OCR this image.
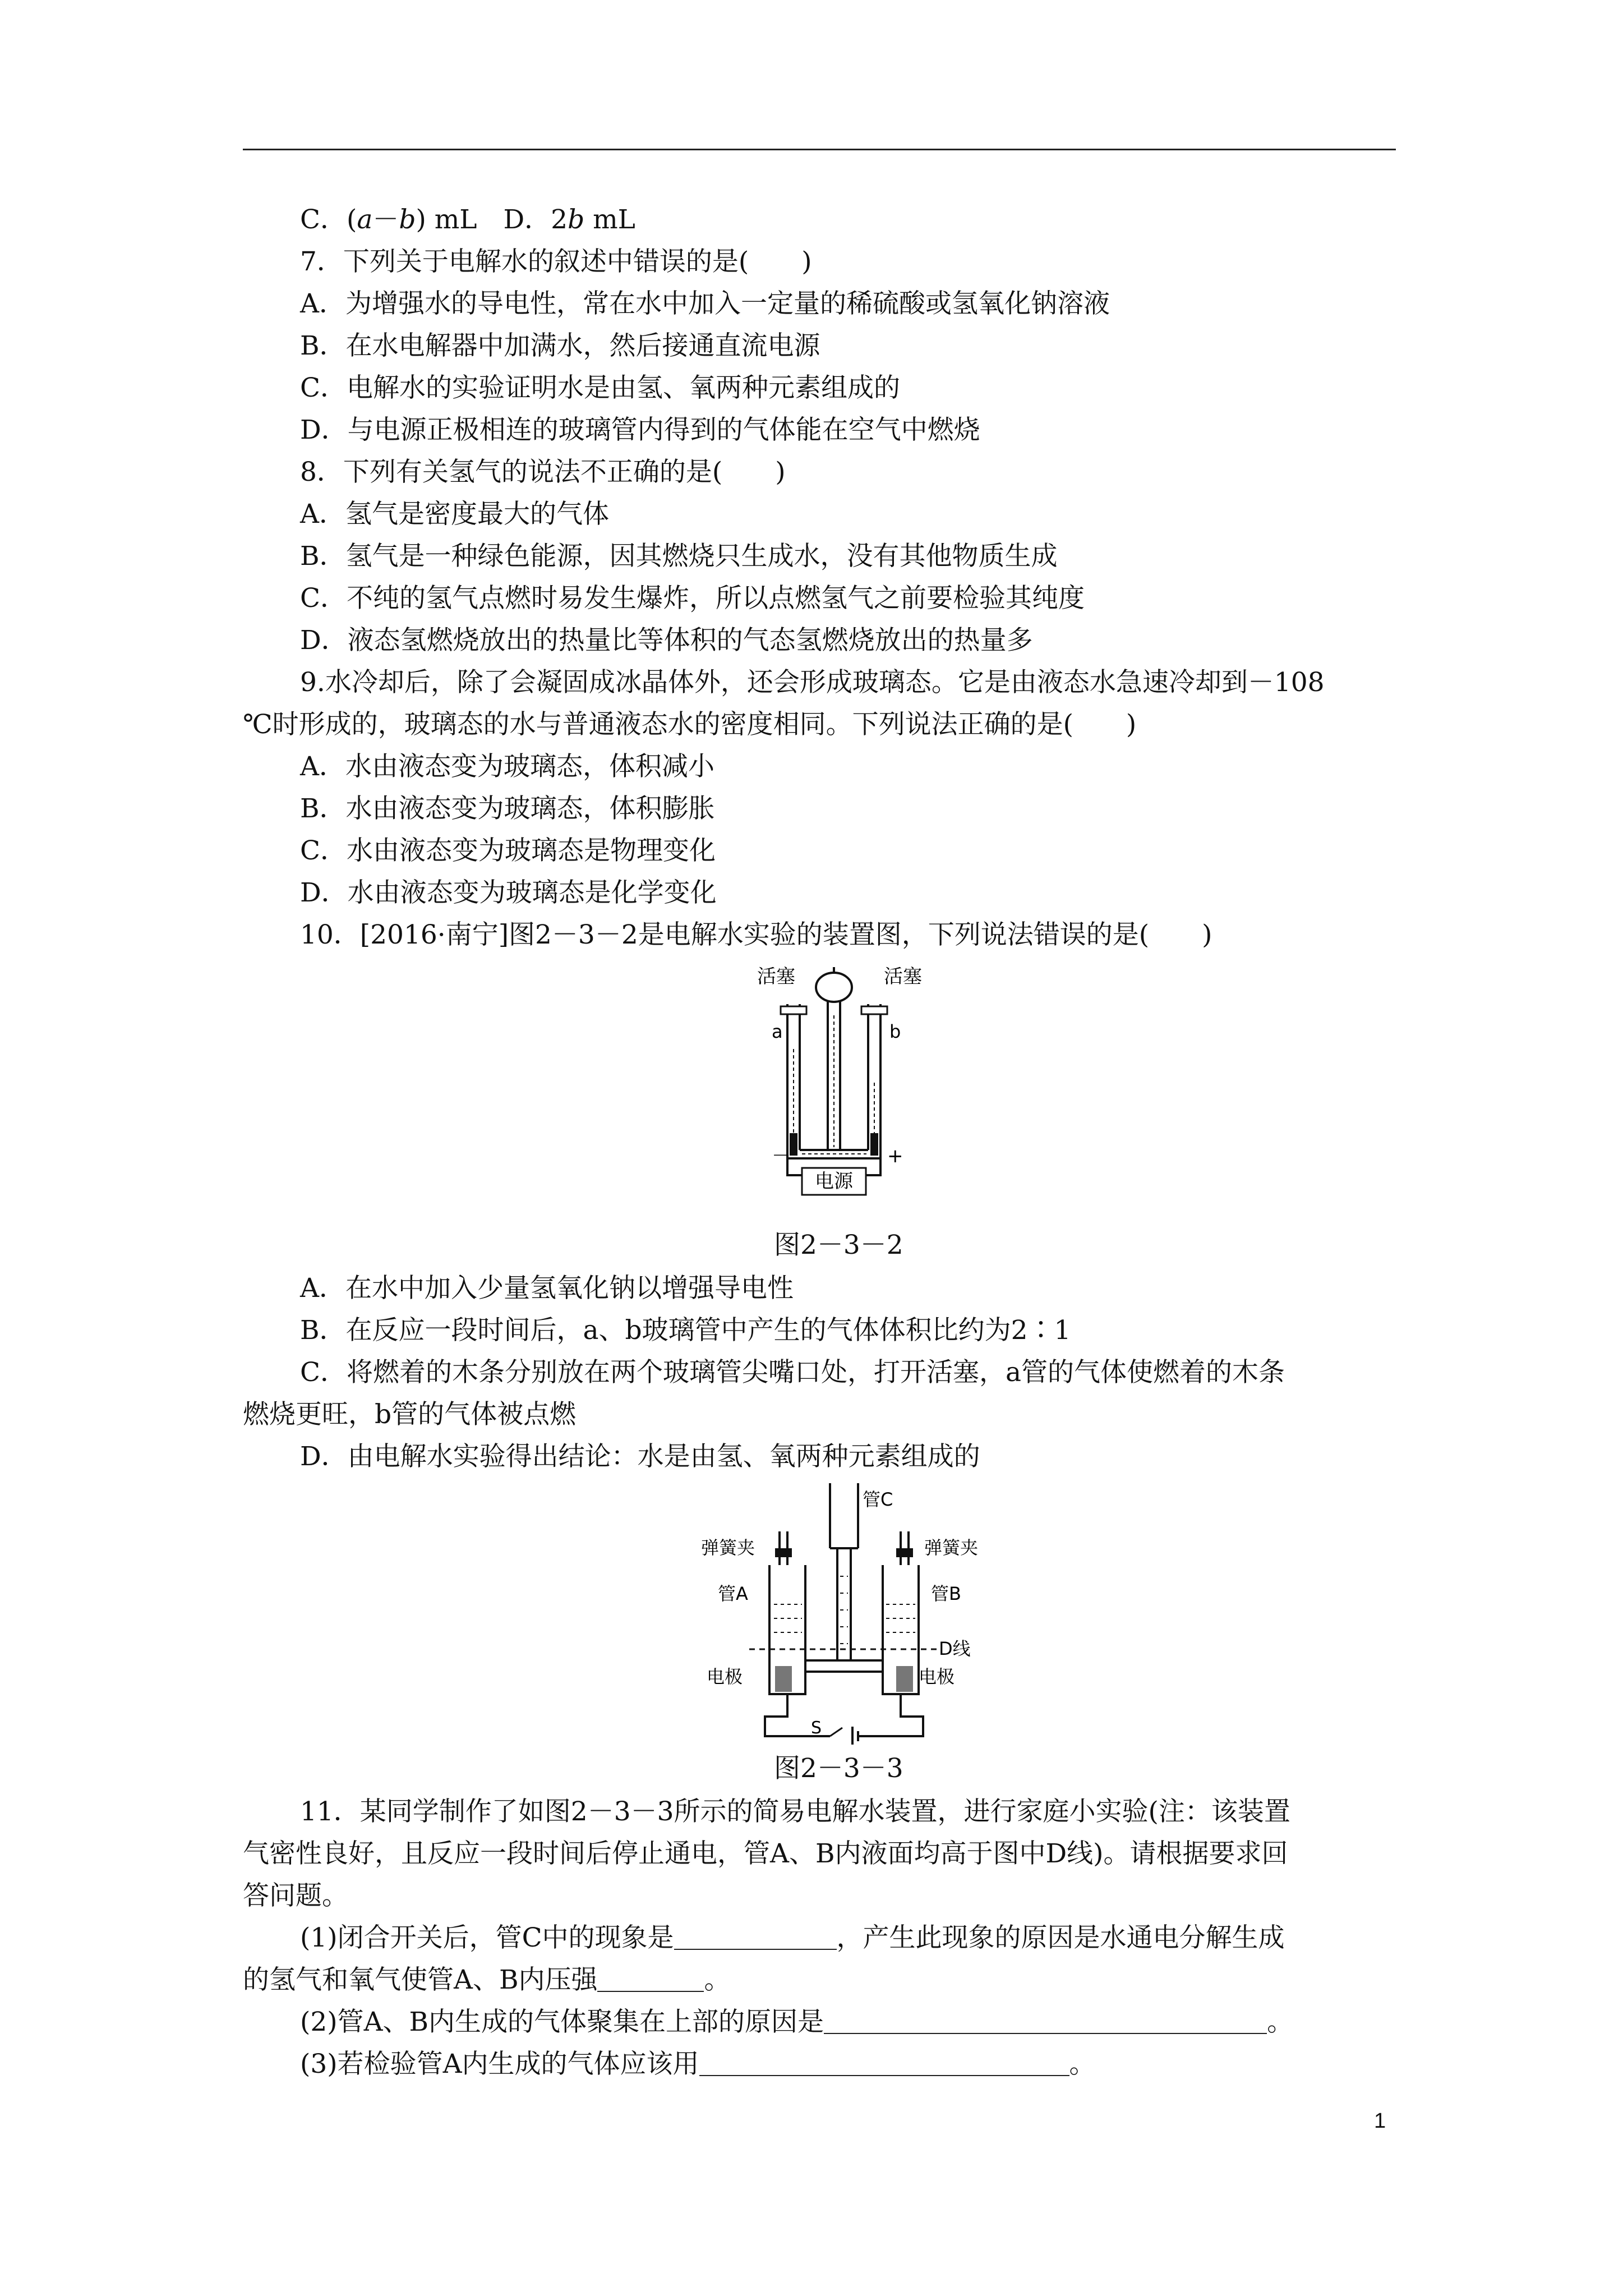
C．(a－b) mL　D．2b mL
7．下列关于电解水的叙述中错误的是(　　)
A．为增强水的导电性，常在水中加入一定量的稀硫酸或氢氧化钠溶液
B．在水电解器中加满水，然后接通直流电源
C．电解水的实验证明水是由氢、氧两种元素组成的
D．与电源正极相连的玻璃管内得到的气体能在空气中燃烧
8．下列有关氢气的说法不正确的是(　　)
A．氢气是密度最大的气体
B．氢气是一种绿色能源，因其燃烧只生成水，没有其他物质生成
C．不纯的氢气点燃时易发生爆炸，所以点燃氢气之前要检验其纯度
D．液态氢燃烧放出的热量比等体积的气态氢燃烧放出的热量多
9.水冷却后，除了会凝固成冰晶体外，还会形成玻璃态。它是由液态水急速冷却到－108
℃时形成的，玻璃态的水与普通液态水的密度相同。下列说法正确的是(　　)
A．水由液态变为玻璃态，体积减小
B．水由液态变为玻璃态，体积膨胀
C．水由液态变为玻璃态是物理变化
D．水由液态变为玻璃态是化学变化
10．[2016·南宁]图2－3－2是电解水实验的装置图，下列说法错误的是(　　)
电源
活塞	活塞
a	b
－	+
图2－3－2
A．在水中加入少量氢氧化钠以增强导电性
B．在反应一段时间后，a、b玻璃管中产生的气体体积比约为2∶1
C．将燃着的木条分别放在两个玻璃管尖嘴口处，打开活塞，a管的气体使燃着的木条
燃烧更旺，b管的气体被点燃
D．由电解水实验得出结论：水是由氢、氧两种元素组成的
管C
弹簧夹	弹簧夹
管A	管B
D线
电极	电极
S
图2－3－3
11．某同学制作了如图2－3－3所示的简易电解水装置，进行家庭小实验(注：该装置
气密性良好，且反应一段时间后停止通电，管A、B内液面均高于图中D线)。请根据要求回
答问题。
(1)闭合开关后，管C中的现象是	，产生此现象的原因是水通电分解生成
的氢气和氧气使管A、B内压强	。
(2)管A、B内生成的气体聚集在上部的原因是	。
(3)若检验管A内生成的气体应该用	。
1
